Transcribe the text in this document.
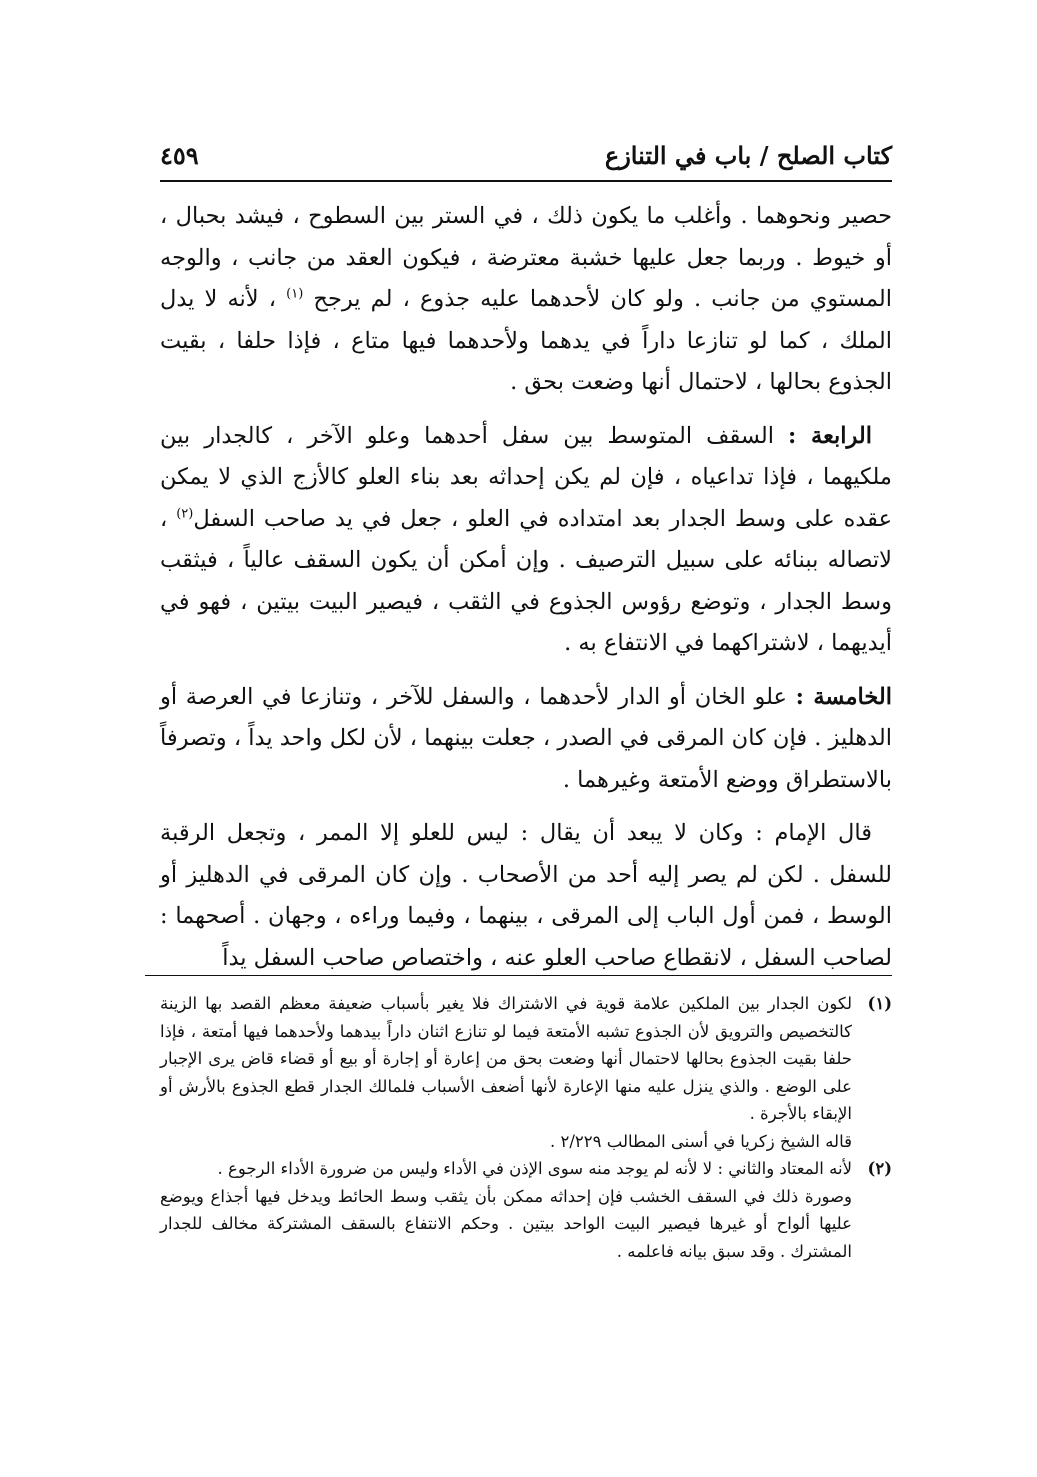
كتاب الصلح / باب في التنازع
٤٥٩

حصير ونحوهما . وأغلب ما يكون ذلك ، في الستر بين السطوح ، فيشد بحبال ، أو خيوط . وربما جعل عليها خشبة معترضة ، فيكون العقد من جانب ، والوجه المستوي من جانب . ولو كان لأحدهما عليه جذوع ، لم يرجح $^{(١)}$ ، لأنه لا يدل الملك ، كما لو تنازعا داراً في يدهما ولأحدهما فيها متاع ، فإذا حلفا ، بقيت الجذوع بحالها ، لاحتمال أنها وضعت بحق .

الرابعة : السقف المتوسط بين سفل أحدهما وعلو الآخر ، كالجدار بين ملكيهما ، فإذا تداعياه ، فإن لم يكن إحداثه بعد بناء العلو كالأزج الذي لا يمكن عقده على وسط الجدار بعد امتداده في العلو ، جعل في يد صاحب السفل$^{(٢)}$ ، لاتصاله ببنائه على سبيل الترصيف . وإن أمكن أن يكون السقف عالياً ، فيثقب وسط الجدار ، وتوضع رؤوس الجذوع في الثقب ، فيصير البيت بيتين ، فهو في أيديهما ، لاشتراكهما في الانتفاع به .

الخامسة : علو الخان أو الدار لأحدهما ، والسفل للآخر ، وتنازعا في العرصة أو الدهليز . فإن كان المرقى في الصدر ، جعلت بينهما ، لأن لكل واحد يداً ، وتصرفاً بالاستطراق ووضع الأمتعة وغيرهما .

قال الإمام : وكان لا يبعد أن يقال : ليس للعلو إلا الممر ، وتجعل الرقبة للسفل . لكن لم يصر إليه أحد من الأصحاب . وإن كان المرقى في الدهليز أو الوسط ، فمن أول الباب إلى المرقى ، بينهما ، وفيما وراءه ، وجهان . أصحهما : لصاحب السفل ، لانقطاع صاحب العلو عنه ، واختصاص صاحب السفل يداً

(١)

لكون الجدار بين الملكين علامة قوية في الاشتراك فلا يغير بأسباب ضعيفة معظم القصد بها الزينة كالتخصيص والترويق لأن الجذوع تشبه الأمتعة فيما لو تنازع اثنان داراً بيدهما ولأحدهما فيها أمتعة ، فإذا حلفا بقيت الجذوع بحالها لاحتمال أنها وضعت بحق من إعارة أو إجارة أو بيع أو قضاء قاض يرى الإجبار على الوضع . والذي ينزل عليه منها الإعارة لأنها أضعف الأسباب فلمالك الجدار قطع الجذوع بالأرش أو الإبقاء بالأجرة .

قاله الشيخ زكريا في أسنى المطالب ٢/٢٢٩ .

(٢)

لأنه المعتاد والثاني : لا لأنه لم يوجد منه سوى الإذن في الأداء وليس من ضرورة الأداء الرجوع .

وصورة ذلك في السقف الخشب فإن إحداثه ممكن بأن يثقب وسط الحائط ويدخل فيها أجذاع ويوضع عليها ألواح أو غيرها فيصير البيت الواحد بيتين . وحكم الانتفاع بالسقف المشتركة مخالف للجدار المشترك . وقد سبق بيانه فاعلمه .
